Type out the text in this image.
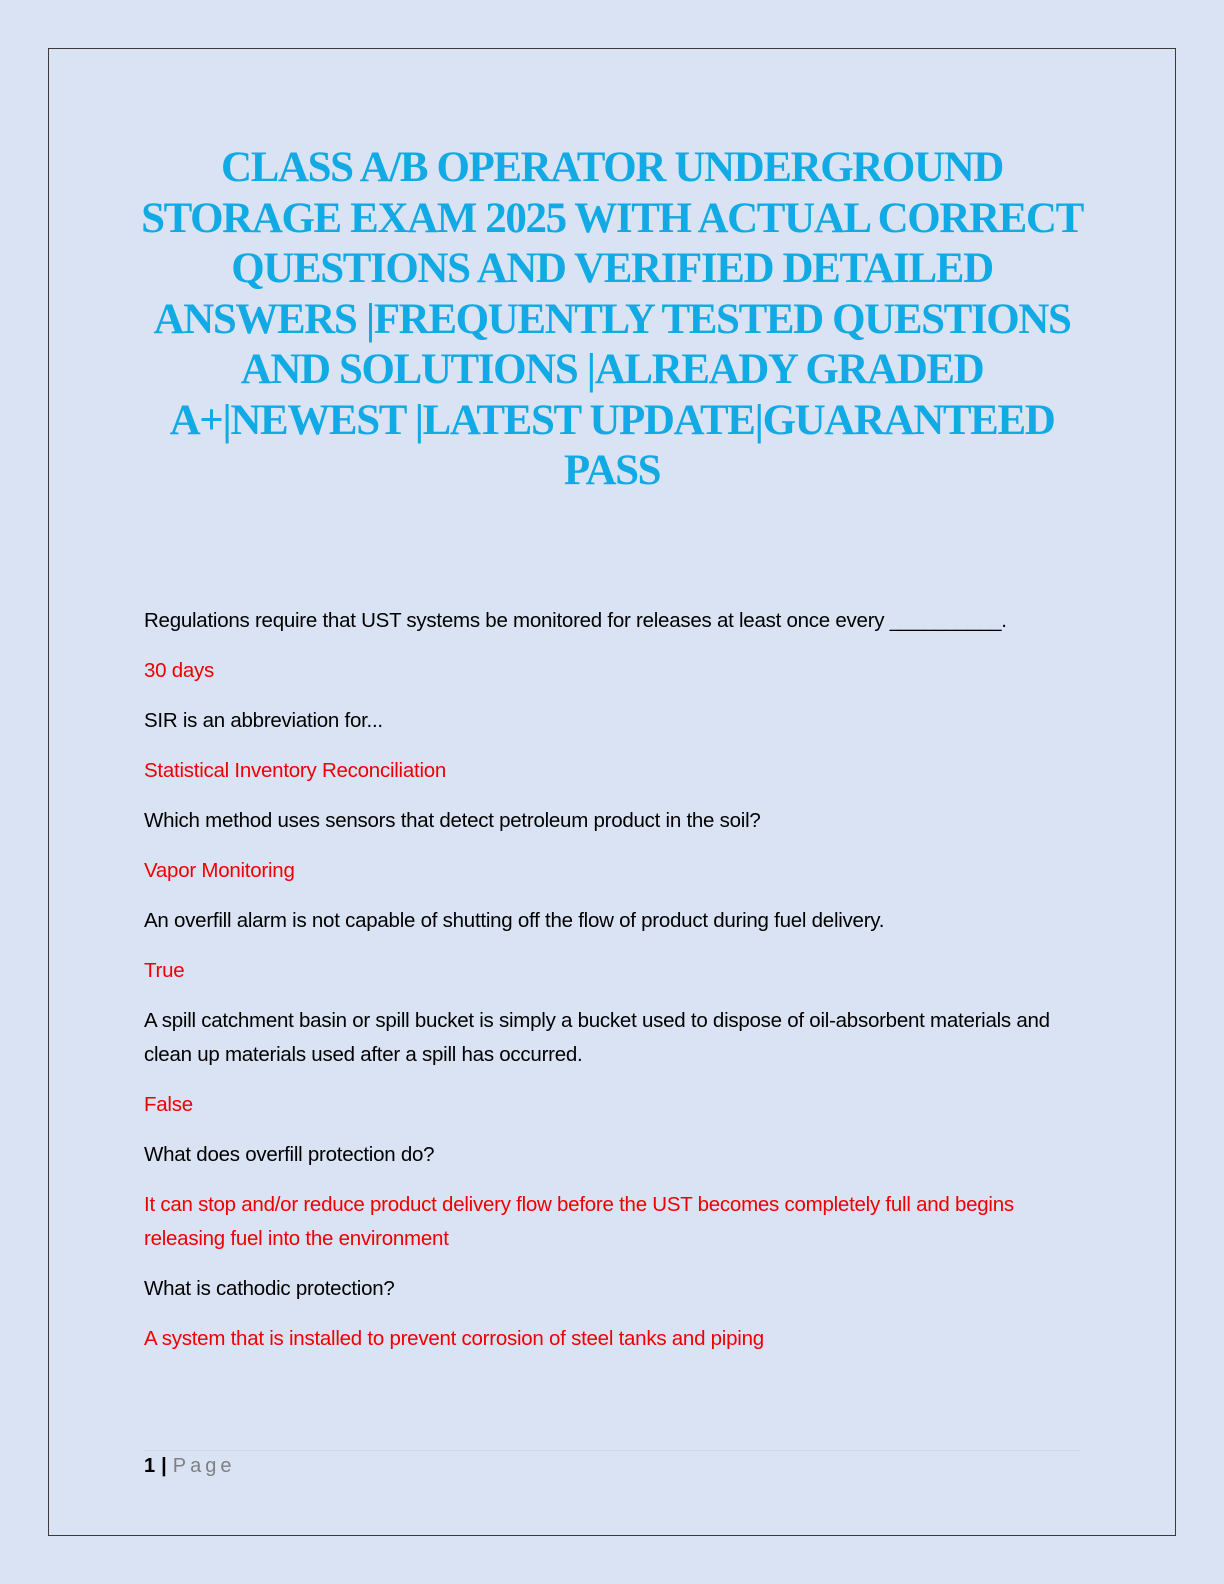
CLASS A/B OPERATOR UNDERGROUND STORAGE EXAM 2025 WITH ACTUAL CORRECT QUESTIONS AND VERIFIED DETAILED ANSWERS |FREQUENTLY TESTED QUESTIONS AND SOLUTIONS |ALREADY GRADED A+|NEWEST |LATEST UPDATE|GUARANTEED PASS

Regulations require that UST systems be monitored for releases at least once every __________.

30 days

SIR is an abbreviation for...

Statistical Inventory Reconciliation

Which method uses sensors that detect petroleum product in the soil?

Vapor Monitoring

An overfill alarm is not capable of shutting off the flow of product during fuel delivery.

True

A spill catchment basin or spill bucket is simply a bucket used to dispose of oil-absorbent materials and clean up materials used after a spill has occurred.

False

What does overfill protection do?

It can stop and/or reduce product delivery flow before the UST becomes completely full and begins releasing fuel into the environment

What is cathodic protection?

A system that is installed to prevent corrosion of steel tanks and piping

1 | Page
